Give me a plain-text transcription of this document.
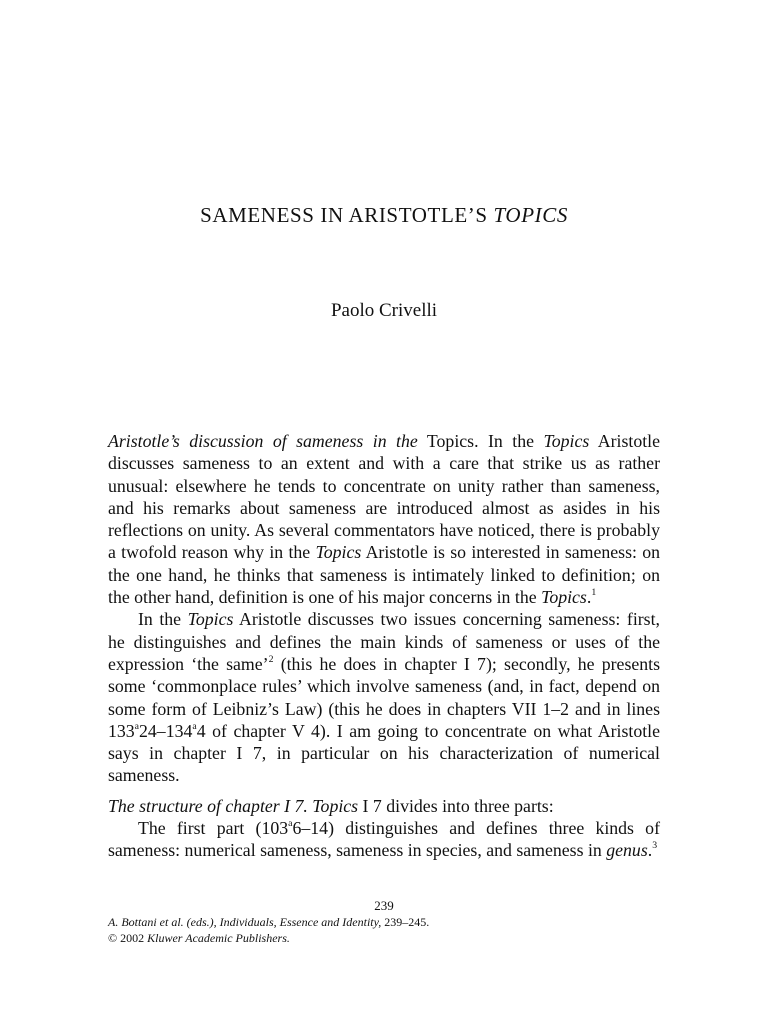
SAMENESS IN ARISTOTLE’S TOPICS
Paolo Crivelli

Aristotle’s discussion of sameness in the Topics. In the Topics Aristotle discusses sameness to an extent and with a care that strike us as rather unusual: elsewhere he tends to concentrate on unity rather than sameness, and his remarks about sameness are introduced almost as asides in his reflections on unity. As several commentators have noticed, there is probably a twofold reason why in the Topics Aristotle is so interested in sameness: on the one hand, he thinks that sameness is intimately linked to definition; on the other hand, definition is one of his major concerns in the Topics.$^1$

In the Topics Aristotle discusses two issues concerning sameness: first, he distinguishes and defines the main kinds of sameness or uses of the expression ‘the same’$^2$ (this he does in chapter I 7); secondly, he presents some ‘commonplace rules’ which involve sameness (and, in fact, depend on some form of Leibniz’s Law) (this he does in chapters VII 1–2 and in lines 133$^a$24–134$^a$4 of chapter V 4). I am going to concentrate on what Aristotle says in chapter I 7, in particular on his characterization of numerical sameness.

The structure of chapter I 7. Topics I 7 divides into three parts:

The first part (103$^a$6–14) distinguishes and defines three kinds of sameness: numerical sameness, sameness in species, and sameness in genus.$^3$

239
A. Bottani et al. (eds.), Individuals, Essence and Identity, 239–245.
© 2002 Kluwer Academic Publishers.
